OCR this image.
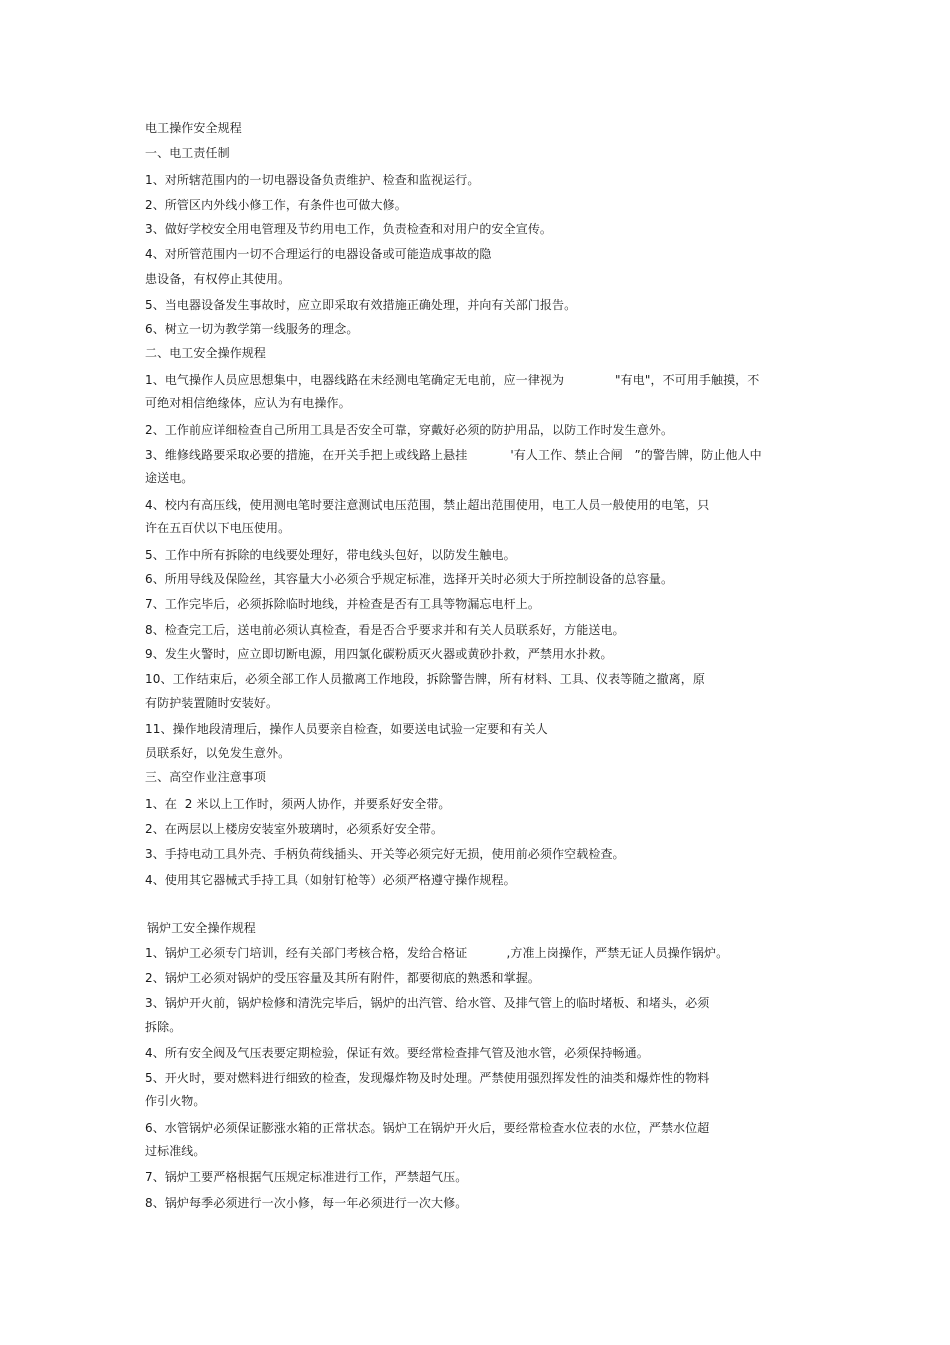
电工操作安全规程
一、电工责任制
1、对所辖范围内的一切电器设备负责维护、检查和监视运行。
2、所管区内外线小修工作，有条件也可做大修。
3、做好学校安全用电管理及节约用电工作，负责检查和对用户的安全宣传。
4、对所管范围内一切不合理运行的电器设备或可能造成事故的隐
患设备，有权停止其使用。
5、当电器设备发生事故时，应立即采取有效措施正确处理，并向有关部门报告。
6、树立一切为教学第一线服务的理念。
二、电工安全操作规程
1、电气操作人员应思想集中，电器线路在未经测电笔确定无电前，应一律视为             "有电"，不可用手触摸，不
可绝对相信绝缘体，应认为有电操作。
2、工作前应详细检查自己所用工具是否安全可靠，穿戴好必须的防护用品，以防工作时发生意外。
3、维修线路要采取必要的措施，在开关手把上或线路上悬挂           '有人工作、禁止合闸   ”的警告牌，防止他人中
途送电。
4、校内有高压线，使用测电笔时要注意测试电压范围，禁止超出范围使用，电工人员一般使用的电笔，只
许在五百伏以下电压使用。
5、工作中所有拆除的电线要处理好，带电线头包好，以防发生触电。
6、所用导线及保险丝，其容量大小必须合乎规定标准，选择开关时必须大于所控制设备的总容量。
7、工作完毕后，必须拆除临时地线，并检查是否有工具等物漏忘电杆上。
8、检查完工后，送电前必须认真检查，看是否合乎要求并和有关人员联系好，方能送电。
9、发生火警时，应立即切断电源，用四氯化碳粉质灭火器或黄砂扑救，严禁用水扑救。
10、工作结束后，必须全部工作人员撤离工作地段，拆除警告牌，所有材料、工具、仪表等随之撤离，原
有防护装置随时安装好。
11、操作地段清理后，操作人员要亲自检查，如要送电试验一定要和有关人
员联系好，以免发生意外。
三、高空作业注意事项
1、在  2 米以上工作时，须两人协作，并要系好安全带。
2、在两层以上楼房安装室外玻璃时，必须系好安全带。
3、手持电动工具外壳、手柄负荷线插头、开关等必须完好无损，使用前必须作空载检查。
4、使用其它器械式手持工具（如射钉枪等）必须严格遵守操作规程。
锅炉工安全操作规程
1、锅炉工必须专门培训，经有关部门考核合格，发给合格证          ,方准上岗操作，严禁无证人员操作锅炉。
2、锅炉工必须对锅炉的受压容量及其所有附件，都要彻底的熟悉和掌握。
3、锅炉开火前，锅炉检修和清洗完毕后，锅炉的出汽管、给水管、及排气管上的临时堵板、和堵头，必须
拆除。
4、所有安全阀及气压表要定期检验，保证有效。要经常检查排气管及池水管，必须保持畅通。
5、开火时，要对燃料进行细致的检查，发现爆炸物及时处理。严禁使用强烈挥发性的油类和爆炸性的物料
作引火物。
6、水管锅炉必须保证膨涨水箱的正常状态。锅炉工在锅炉开火后，要经常检查水位表的水位，严禁水位超
过标准线。
7、锅炉工要严格根据气压规定标准进行工作，严禁超气压。
8、锅炉每季必须进行一次小修，每一年必须进行一次大修。
